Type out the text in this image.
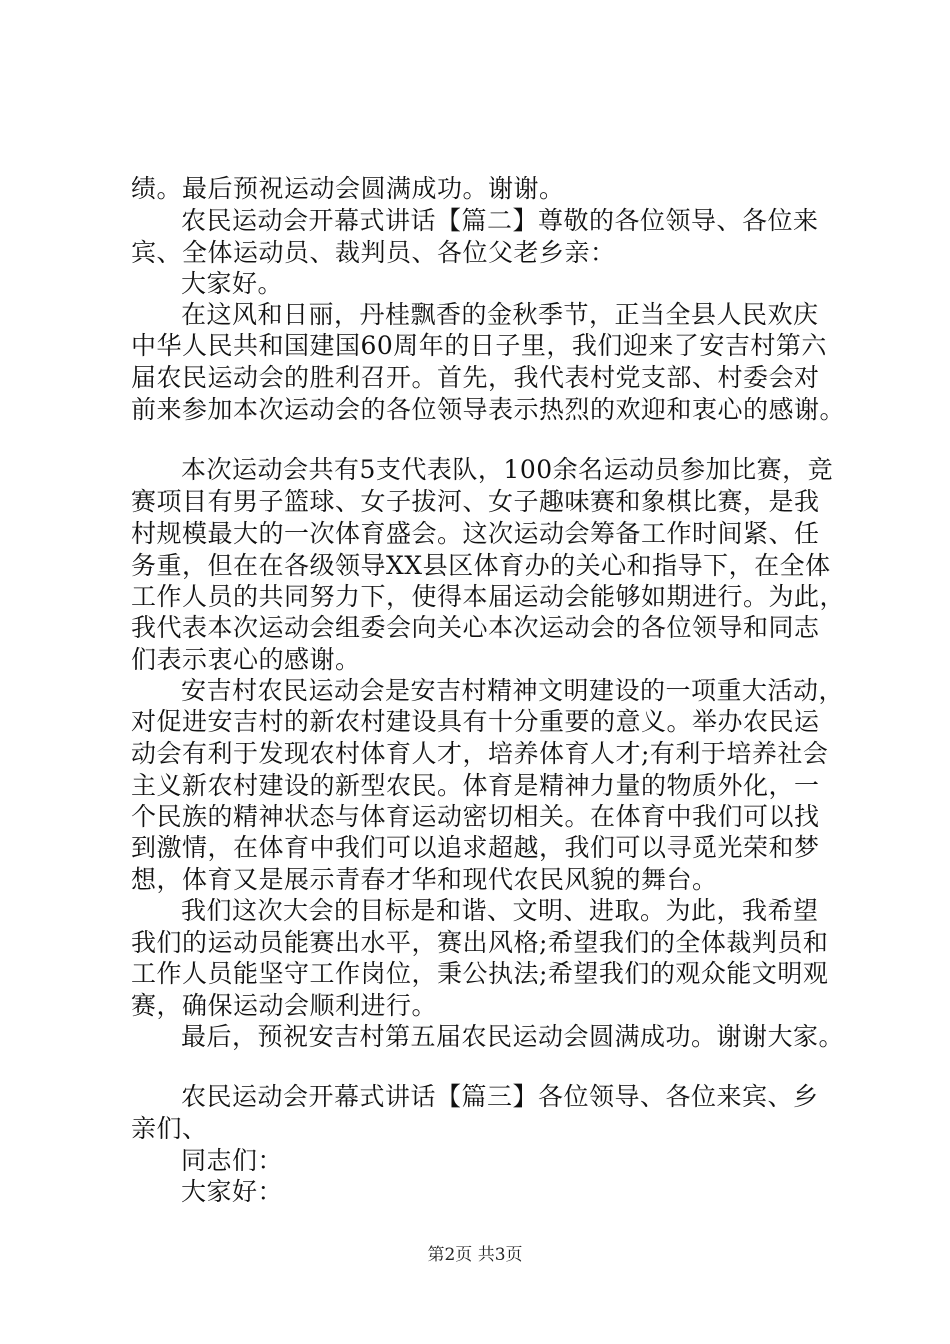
绩。最后预祝运动会圆满成功。谢谢。
农民运动会开幕式讲话【篇二】尊敬的各位领导、各位来
宾、全体运动员、裁判员、各位父老乡亲：
大家好。
在这风和日丽，丹桂飘香的金秋季节，正当全县人民欢庆
中华人民共和国建国60周年的日子里，我们迎来了安吉村第六
届农民运动会的胜利召开。首先，我代表村党支部、村委会对
前来参加本次运动会的各位领导表示热烈的欢迎和衷心的感谢。
本次运动会共有5支代表队，100余名运动员参加比赛，竞
赛项目有男子篮球、女子拔河、女子趣味赛和象棋比赛，是我
村规模最大的一次体育盛会。这次运动会筹备工作时间紧、任
务重，但在在各级领导XX县区体育办的关心和指导下，在全体
工作人员的共同努力下，使得本届运动会能够如期进行。为此，
我代表本次运动会组委会向关心本次运动会的各位领导和同志
们表示衷心的感谢。
安吉村农民运动会是安吉村精神文明建设的一项重大活动，
对促进安吉村的新农村建设具有十分重要的意义。举办农民运
动会有利于发现农村体育人才，培养体育人才;有利于培养社会
主义新农村建设的新型农民。体育是精神力量的物质外化，一
个民族的精神状态与体育运动密切相关。在体育中我们可以找
到激情，在体育中我们可以追求超越，我们可以寻觅光荣和梦
想，体育又是展示青春才华和现代农民风貌的舞台。
我们这次大会的目标是和谐、文明、进取。为此，我希望
我们的运动员能赛出水平，赛出风格;希望我们的全体裁判员和
工作人员能坚守工作岗位，秉公执法;希望我们的观众能文明观
赛，确保运动会顺利进行。
最后，预祝安吉村第五届农民运动会圆满成功。谢谢大家。
农民运动会开幕式讲话【篇三】各位领导、各位来宾、乡
亲们、
同志们：
大家好：
第2页 共3页
